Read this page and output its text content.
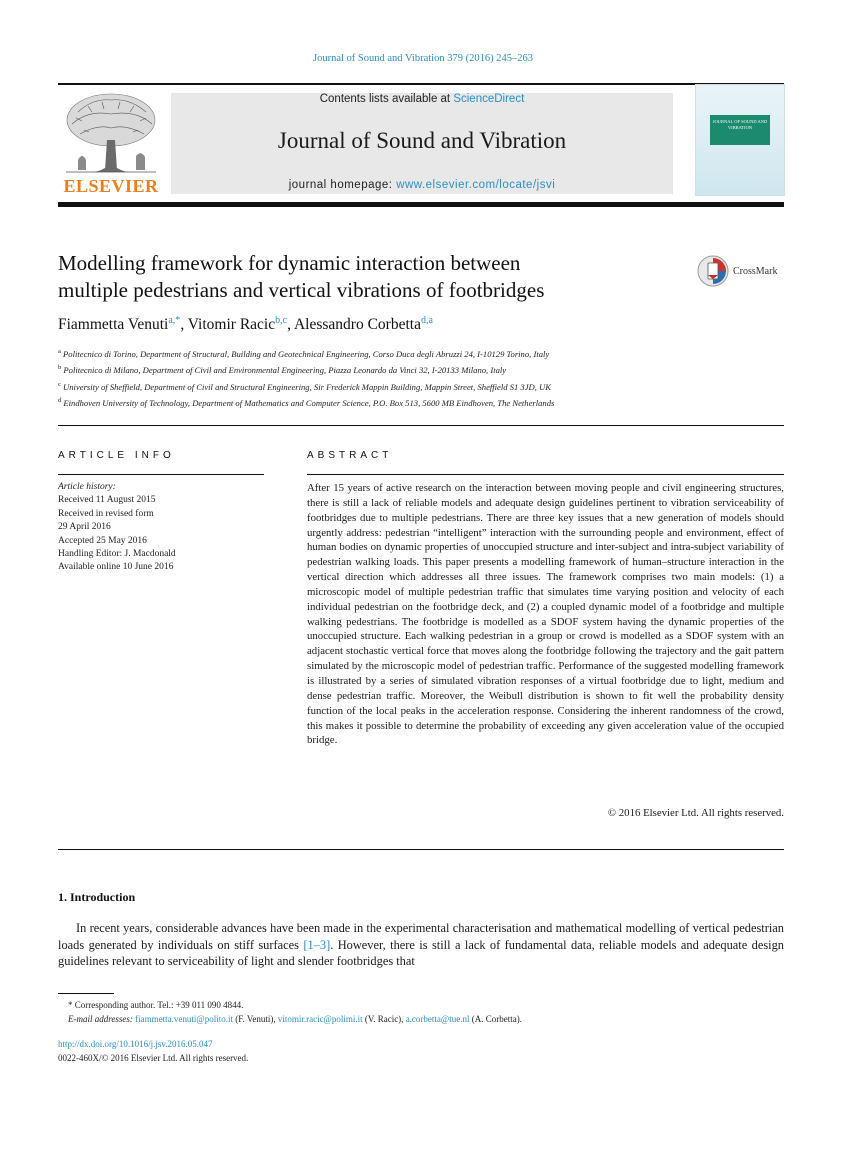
Journal of Sound and Vibration 379 (2016) 245–263
ELSEVIER
Contents lists available at ScienceDirect
Journal of Sound and Vibration
journal homepage: www.elsevier.com/locate/jsvi
JOURNAL OF SOUND AND VIBRATION
Modelling framework for dynamic interaction between
multiple pedestrians and vertical vibrations of footbridges
CrossMark
Fiammetta Venuti$^{a,*}$, Vitomir Racic$^{b,c}$, Alessandro Corbetta$^{d,a}$
$^a$ Politecnico di Torino, Department of Structural, Building and Geotechnical Engineering, Corso Duca degli Abruzzi 24, I-10129 Torino, Italy
$^b$ Politecnico di Milano, Department of Civil and Environmental Engineering, Piazza Leonardo da Vinci 32, I-20133 Milano, Italy
$^c$ University of Sheffield, Department of Civil and Structural Engineering, Sir Frederick Mappin Building, Mappin Street, Sheffield S1 3JD, UK
$^d$ Eindhoven University of Technology, Department of Mathematics and Computer Science, P.O. Box 513, 5600 MB Eindhoven, The Netherlands
ARTICLE INFO
Article history:
Received 11 August 2015
Received in revised form
29 April 2016
Accepted 25 May 2016
Handling Editor: J. Macdonald
Available online 10 June 2016
ABSTRACT
After 15 years of active research on the interaction between moving people and civil engineering structures, there is still a lack of reliable models and adequate design guidelines pertinent to vibration serviceability of footbridges due to multiple pedestrians. There are three key issues that a new generation of models should urgently address: pedestrian “intelligent” interaction with the surrounding people and environment, effect of human bodies on dynamic properties of unoccupied structure and inter-subject and intra-subject variability of pedestrian walking loads. This paper presents a modelling framework of human–structure interaction in the vertical direction which addresses all three issues. The framework comprises two main models: (1) a microscopic model of multiple pedestrian traffic that simulates time varying position and velocity of each individual pedestrian on the footbridge deck, and (2) a coupled dynamic model of a footbridge and multiple walking pedestrians. The footbridge is modelled as a SDOF system having the dynamic properties of the unoccupied structure. Each walking pedestrian in a group or crowd is modelled as a SDOF system with an adjacent stochastic vertical force that moves along the footbridge following the trajectory and the gait pattern simulated by the microscopic model of pedestrian traffic. Performance of the suggested modelling framework is illustrated by a series of simulated vibration responses of a virtual footbridge due to light, medium and dense pedestrian traffic. Moreover, the Weibull distribution is shown to fit well the probability density function of the local peaks in the acceleration response. Considering the inherent randomness of the crowd, this makes it possible to determine the probability of exceeding any given acceleration value of the occupied bridge.
© 2016 Elsevier Ltd. All rights reserved.
1. Introduction
In recent years, considerable advances have been made in the experimental characterisation and mathematical modelling of vertical pedestrian loads generated by individuals on stiff surfaces [1–3]. However, there is still a lack of fundamental data, reliable models and adequate design guidelines relevant to serviceability of light and slender footbridges that
* Corresponding author. Tel.: +39 011 090 4844.
E-mail addresses: fiammetta.venuti@polito.it (F. Venuti), vitomir.racic@polimi.it (V. Racic), a.corbetta@tue.nl (A. Corbetta).
http://dx.doi.org/10.1016/j.jsv.2016.05.047
0022-460X/© 2016 Elsevier Ltd. All rights reserved.
